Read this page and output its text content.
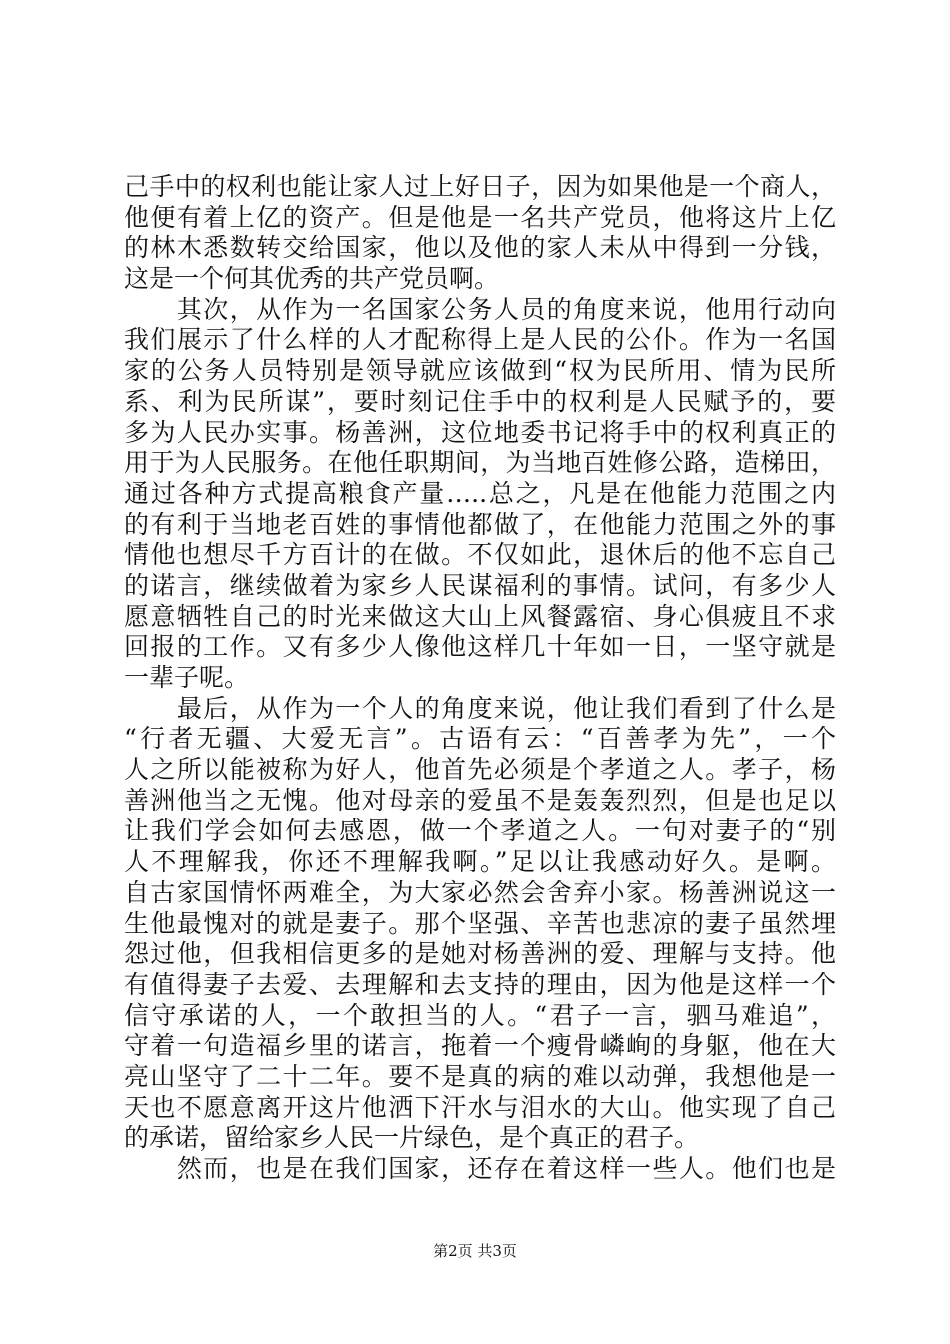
己手中的权利也能让家人过上好日子，因为如果他是一个商人，
他便有着上亿的资产。但是他是一名共产党员，他将这片上亿
的林木悉数转交给国家，他以及他的家人未从中得到一分钱，
这是一个何其优秀的共产党员啊。
　　其次，从作为一名国家公务人员的角度来说，他用行动向
我们展示了什么样的人才配称得上是人民的公仆。作为一名国
家的公务人员特别是领导就应该做到“权为民所用、情为民所
系、利为民所谋”，要时刻记住手中的权利是人民赋予的，要
多为人民办实事。杨善洲，这位地委书记将手中的权利真正的
用于为人民服务。在他任职期间，为当地百姓修公路，造梯田，
通过各种方式提高粮食产量…..总之，凡是在他能力范围之内
的有利于当地老百姓的事情他都做了，在他能力范围之外的事
情他也想尽千方百计的在做。不仅如此，退休后的他不忘自己
的诺言，继续做着为家乡人民谋福利的事情。试问，有多少人
愿意牺牲自己的时光来做这大山上风餐露宿、身心俱疲且不求
回报的工作。又有多少人像他这样几十年如一日，一坚守就是
一辈子呢。
　　最后，从作为一个人的角度来说，他让我们看到了什么是
“行者无疆、大爱无言”。古语有云：“百善孝为先”，一个
人之所以能被称为好人，他首先必须是个孝道之人。孝子，杨
善洲他当之无愧。他对母亲的爱虽不是轰轰烈烈，但是也足以
让我们学会如何去感恩，做一个孝道之人。一句对妻子的“别
人不理解我，你还不理解我啊。”足以让我感动好久。是啊。
自古家国情怀两难全，为大家必然会舍弃小家。杨善洲说这一
生他最愧对的就是妻子。那个坚强、辛苦也悲凉的妻子虽然埋
怨过他，但我相信更多的是她对杨善洲的爱、理解与支持。他
有值得妻子去爱、去理解和去支持的理由，因为他是这样一个
信守承诺的人，一个敢担当的人。“君子一言，驷马难追”，
守着一句造福乡里的诺言，拖着一个瘦骨嶙峋的身躯，他在大
亮山坚守了二十二年。要不是真的病的难以动弹，我想他是一
天也不愿意离开这片他洒下汗水与泪水的大山。他实现了自己
的承诺，留给家乡人民一片绿色，是个真正的君子。
　　然而，也是在我们国家，还存在着这样一些人。他们也是
第2页 共3页
